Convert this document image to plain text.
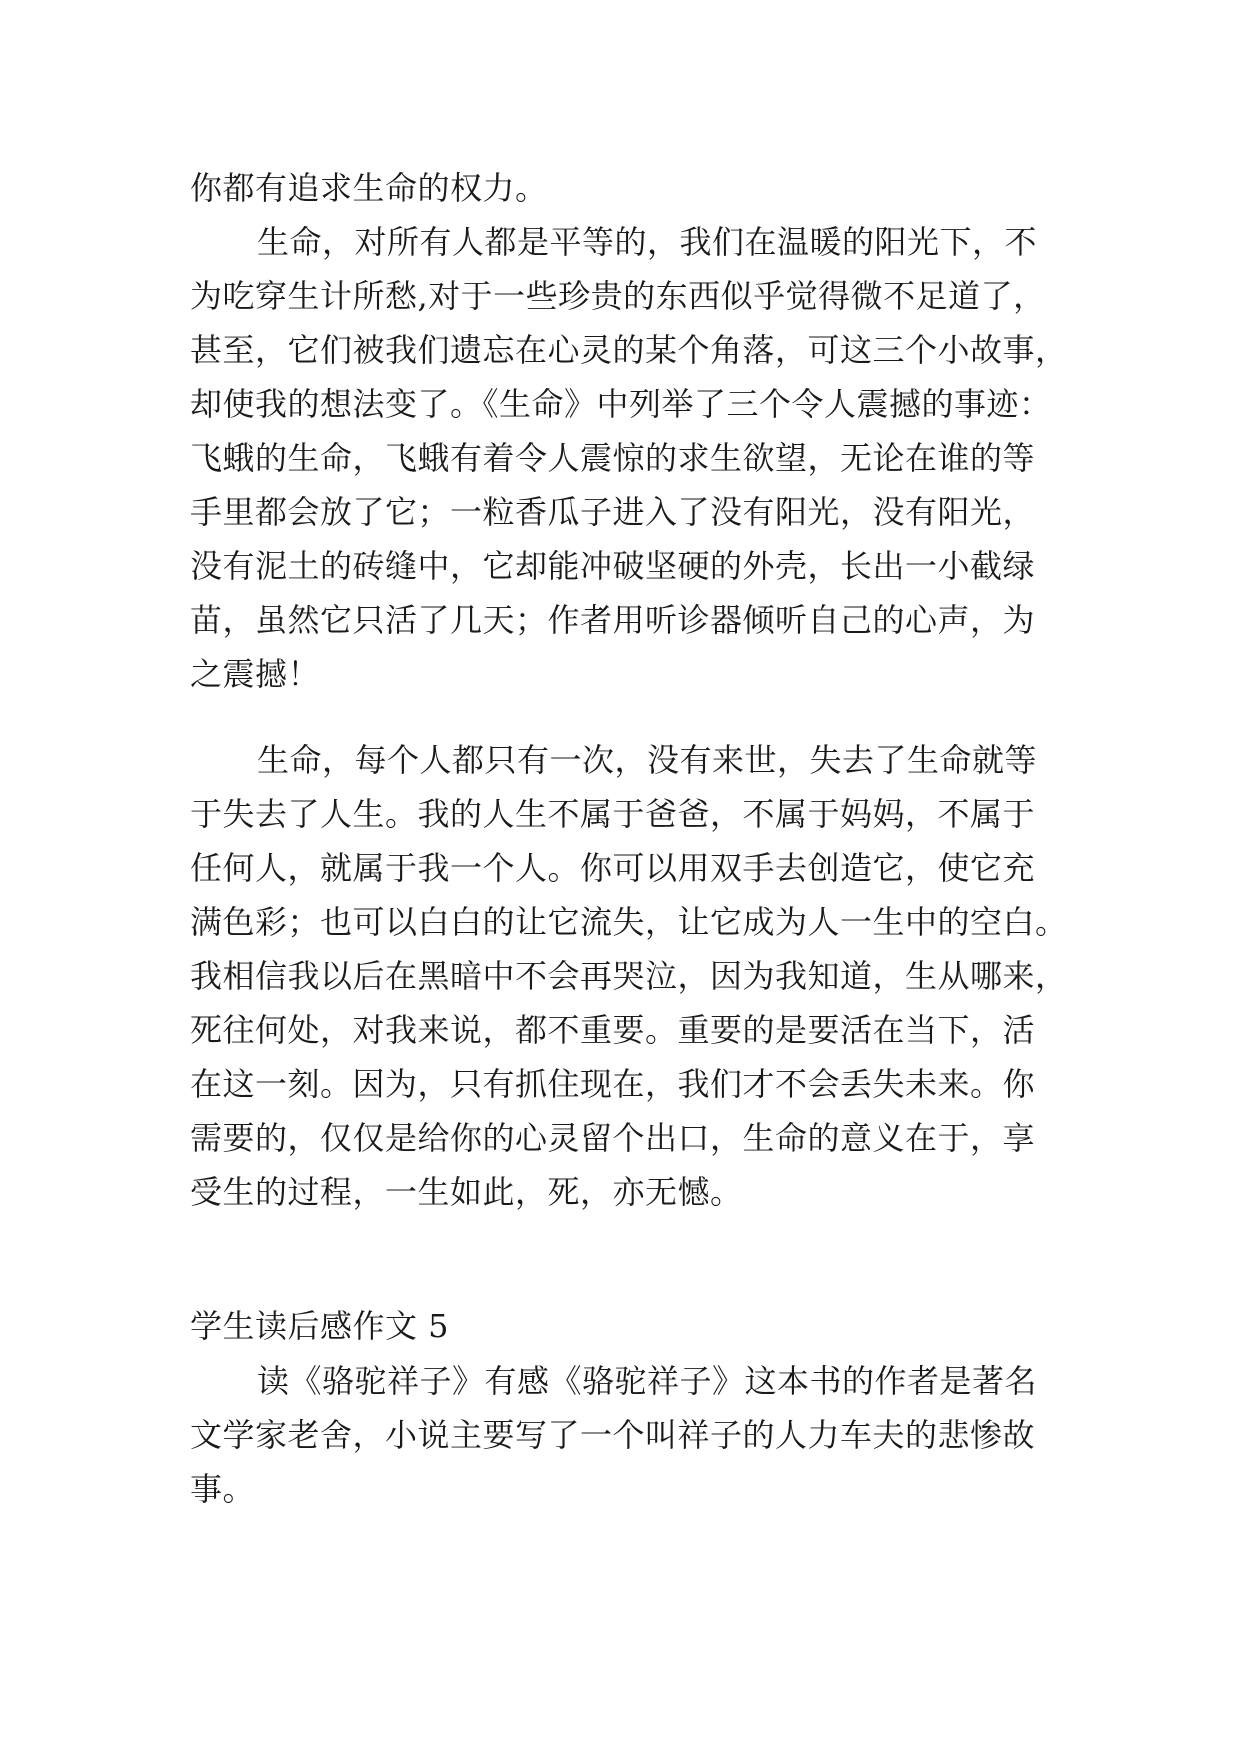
你都有追求生命的权力。
生命，对所有人都是平等的，我们在温暖的阳光下，不
为吃穿生计所愁,对于一些珍贵的东西似乎觉得微不足道了，
甚至，它们被我们遗忘在心灵的某个角落，可这三个小故事，
却使我的想法变了。《生命》中列举了三个令人震撼的事迹：
飞蛾的生命，飞蛾有着令人震惊的求生欲望，无论在谁的等
手里都会放了它；一粒香瓜子进入了没有阳光，没有阳光，
没有泥土的砖缝中，它却能冲破坚硬的外壳，长出一小截绿
苗，虽然它只活了几天；作者用听诊器倾听自己的心声，为
之震撼！
生命，每个人都只有一次，没有来世，失去了生命就等
于失去了人生。我的人生不属于爸爸，不属于妈妈，不属于
任何人，就属于我一个人。你可以用双手去创造它，使它充
满色彩；也可以白白的让它流失，让它成为人一生中的空白。
我相信我以后在黑暗中不会再哭泣，因为我知道，生从哪来，
死往何处，对我来说，都不重要。重要的是要活在当下，活
在这一刻。因为，只有抓住现在，我们才不会丢失未来。你
需要的，仅仅是给你的心灵留个出口，生命的意义在于，享
受生的过程，一生如此，死，亦无憾。
学生读后感作文 5
读《骆驼祥子》有感《骆驼祥子》这本书的作者是著名
文学家老舍，小说主要写了一个叫祥子的人力车夫的悲惨故
事。
